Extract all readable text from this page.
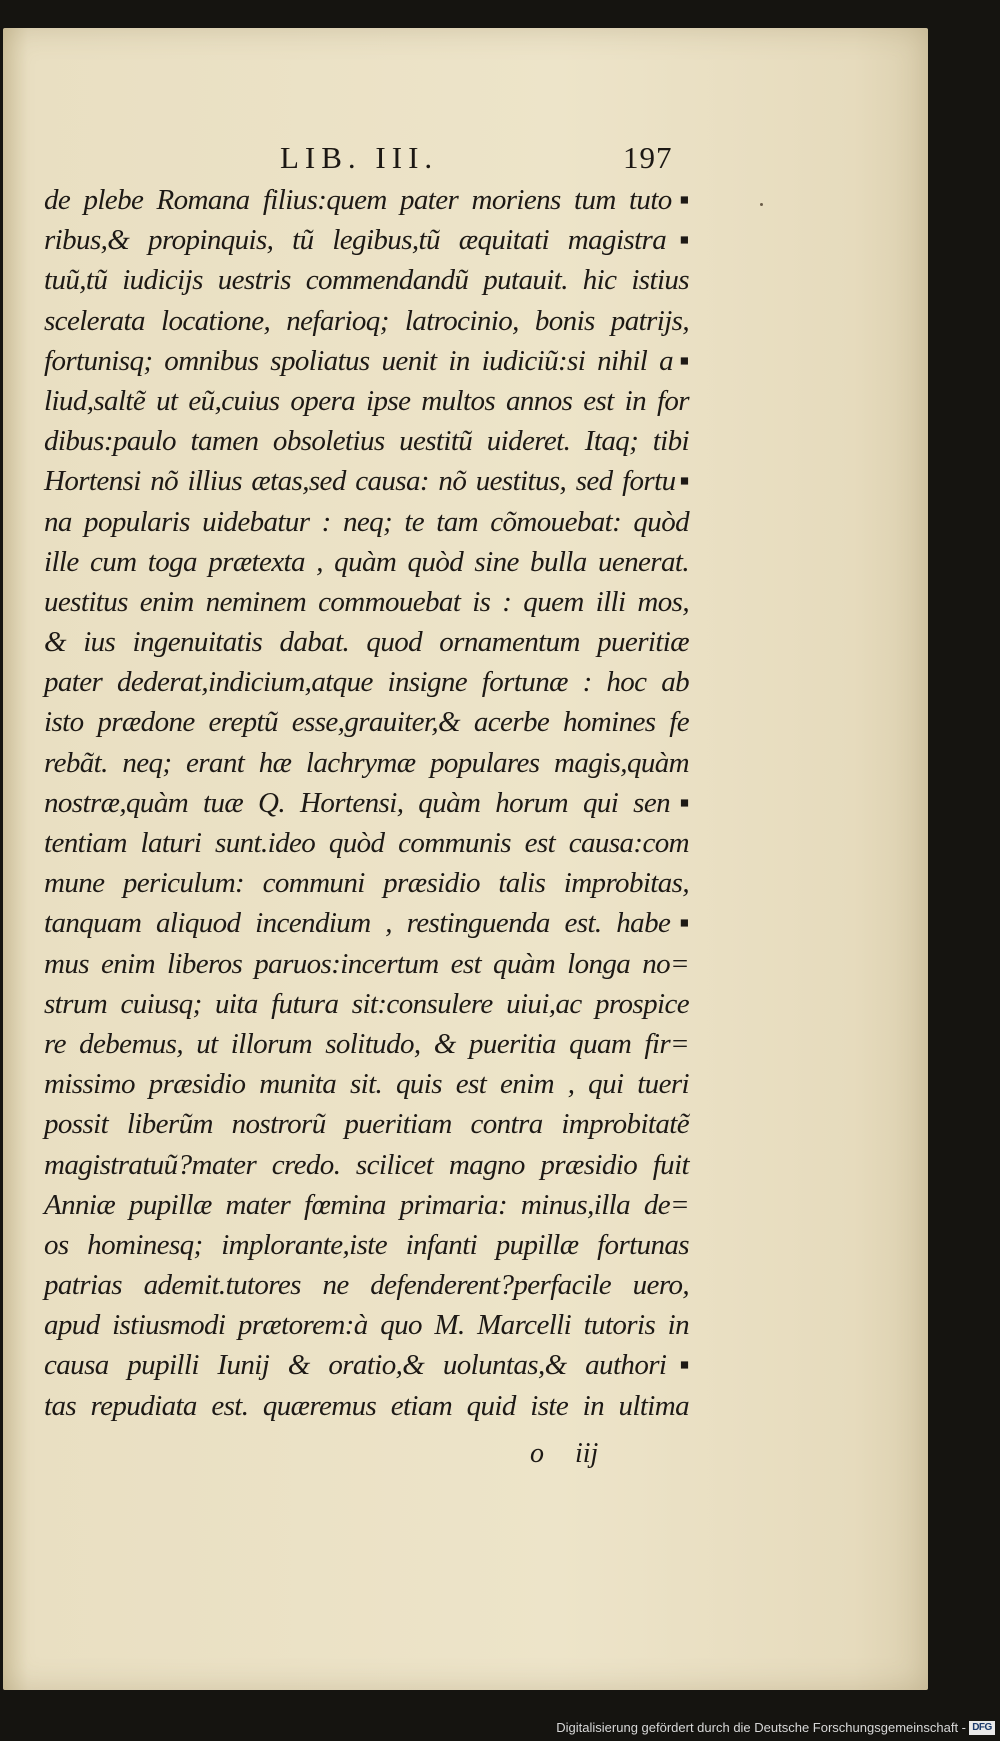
LIB. III.	197
de plebe Romana filius:quem pater moriens tum tuto▪
ribus,& propinquis, tũ legibus,tũ æquitati magistra▪
tuũ,tũ iudicijs uestris commendandũ putauit. hic istius
scelerata locatione, nefarioq; latrocinio, bonis patrijs,
fortunisq; omnibus spoliatus uenit in iudiciũ:si nihil a▪
liud,saltẽ ut eũ,cuius opera ipse multos annos est in for
dibus:paulo tamen obsoletius uestitũ uideret. Itaq; tibi
Hortensi nõ illius ætas,sed causa: nõ uestitus, sed fortu▪
na popularis uidebatur : neq; te tam cõmouebat: quòd
ille cum toga prætexta , quàm quòd sine bulla uenerat.
uestitus enim neminem commouebat is : quem illi mos,
& ius ingenuitatis dabat. quod ornamentum pueritiæ
pater dederat,indicium,atque insigne fortunæ : hoc ab
isto prædone ereptũ esse,grauiter,& acerbe homines fe
rebãt. neq; erant hæ lachrymæ populares magis,quàm
nostræ,quàm tuæ Q. Hortensi, quàm horum qui sen▪
tentiam laturi sunt.ideo quòd communis est causa:com
mune periculum: communi præsidio talis improbitas,
tanquam aliquod incendium , restinguenda est. habe▪
mus enim liberos paruos:incertum est quàm longa no=
strum cuiusq; uita futura sit:consulere uiui,ac prospice
re debemus, ut illorum solitudo, & pueritia quam fir=
missimo præsidio munita sit. quis est enim , qui tueri
possit liberũm nostrorũ pueritiam contra improbitatẽ
magistratuũ?mater credo. scilicet magno præsidio fuit
Anniæ pupillæ mater fœmina primaria: minus,illa de=
os hominesq; implorante,iste infanti pupillæ fortunas
patrias ademit.tutores ne defenderent?perfacile uero,
apud istiusmodi prætorem:à quo M. Marcelli tutoris in
causa pupilli Iunij & oratio,& uoluntas,& authori▪
tas repudiata est. quæremus etiam quid iste in ultima
o iij
Digitalisierung gefördert durch die Deutsche Forschungsgemeinschaft - DFG
